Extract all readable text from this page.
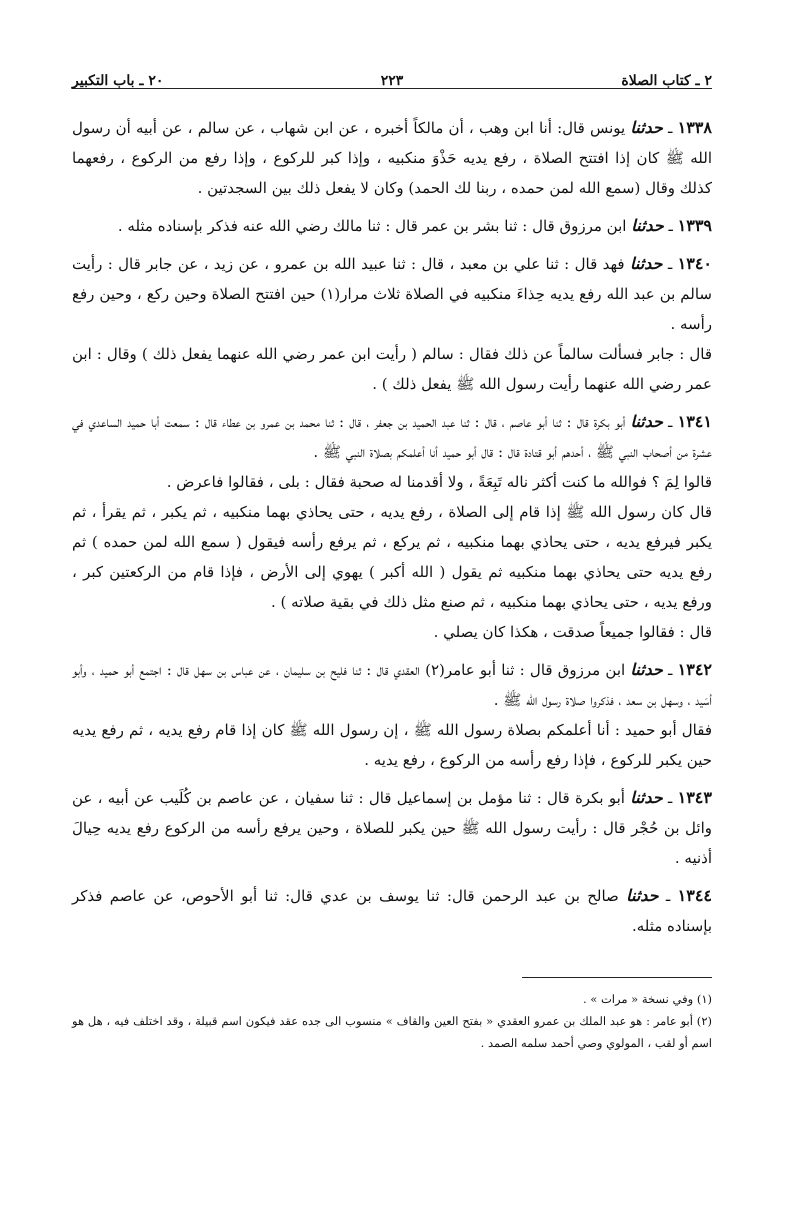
٢ ـ كتاب الصلاة
٢٢٣
٢٠ ـ باب التكبير

١٣٣٨ ـ حدثنا يونس قال: أنا ابن وهب ، أن مالكاً أخبره ، عن ابن شهاب ، عن سالم ، عن أبيه أن رسول الله ﷺ كان إذا افتتح الصلاة ، رفع يديه حَذْوَ منكبيه ، وإذا كبر للركوع ، وإذا رفع من الركوع ، رفعهما كذلك وقال (سمع الله لمن حمده ، ربنا لك الحمد) وكان لا يفعل ذلك بين السجدتين .

١٣٣٩ ـ حدثنا ابن مرزوق قال : ثنا بشر بن عمر قال : ثنا مالك رضي الله عنه فذكر بإسناده مثله .

١٣٤٠ ـ حدثنا فهد قال : ثنا علي بن معبد ، قال : ثنا عبيد الله بن عمرو ، عن زيد ، عن جابر قال : رأيت سالم بن عبد الله رفع يديه حِذاءَ منكبيه في الصلاة ثلاث مرار(١) حين افتتح الصلاة وحين ركع ، وحين رفع رأسه .

قال : جابر فسألت سالماً عن ذلك فقال : سالم ( رأيت ابن عمر رضي الله عنهما يفعل ذلك ) وقال : ابن عمر رضي الله عنهما رأيت رسول الله ﷺ يفعل ذلك ) .

١٣٤١ ـ حدثنا أبو بكرة قال : ثنا أبو عاصم ، قال : ثنا عبد الحميد بن جعفر ، قال : ثنا محمد بن عمرو بن عطاء قال : سمعت أبا حميد الساعدي في عشرة من أصحاب النبي ﷺ ، أحدهم أبو قتادة قال : قال أبو حميد أنا أعلمكم بصلاة النبي ﷺ .

قالوا لِمَ ؟ فوالله ما كنت أكثر ناله تَبِعَةً ، ولا أقدمنا له صحبة فقال : بلى ، فقالوا فاعرض .

قال كان رسول الله ﷺ إذا قام إلى الصلاة ، رفع يديه ، حتى يحاذي بهما منكبيه ، ثم يكبر ، ثم يقرأ ، ثم يكبر فيرفع يديه ، حتى يحاذي بهما منكبيه ، ثم يركع ، ثم يرفع رأسه فيقول ( سمع الله لمن حمده ) ثم رفع يديه حتى يحاذي بهما منكبيه ثم يقول ( الله أكبر ) يهوي إلى الأرض ، فإذا قام من الركعتين كبر ، ورفع يديه ، حتى يحاذي بهما منكبيه ، ثم صنع مثل ذلك في بقية صلاته ) .

قال : فقالوا جميعاً صدقت ، هكذا كان يصلي .

١٣٤٢ ـ حدثنا ابن مرزوق قال : ثنا أبو عامر(٢) العقدي قال : ثنا فليح بن سليمان ، عن عباس بن سهل قال : اجتمع أبو حميد ، وأبو أسَيد ، وسهل بن سعد ، فذكروا صلاة رسول الله ﷺ .

فقال أبو حميد : أنا أعلمكم بصلاة رسول الله ﷺ ، إن رسول الله ﷺ كان إذا قام رفع يديه ، ثم رفع يديه حين يكبر للركوع ، فإذا رفع رأسه من الركوع ، رفع يديه .

١٣٤٣ ـ حدثنا أبو بكرة قال : ثنا مؤمل بن إسماعيل قال : ثنا سفيان ، عن عاصم بن كُلَيب عن أبيه ، عن وائل بن حُجْر قال : رأيت رسول الله ﷺ حين يكبر للصلاة ، وحين يرفع رأسه من الركوع رفع يديه حِيالَ أذنيه .

١٣٤٤ ـ حدثنا صالح بن عبد الرحمن قال: ثنا يوسف بن عدي قال: ثنا أبو الأحوص، عن عاصم فذكر بإسناده مثله.

(١) وفي نسخة « مرات » .

(٢) أبو عامر : هو عبد الملك بن عمرو العقدي « بفتح العين والقاف » منسوب الى جده عقد فيكون اسم قبيلة ، وقد اختلف فيه ، هل هو اسم أو لقب ، المولوي وصي أحمد سلمه الصمد .
